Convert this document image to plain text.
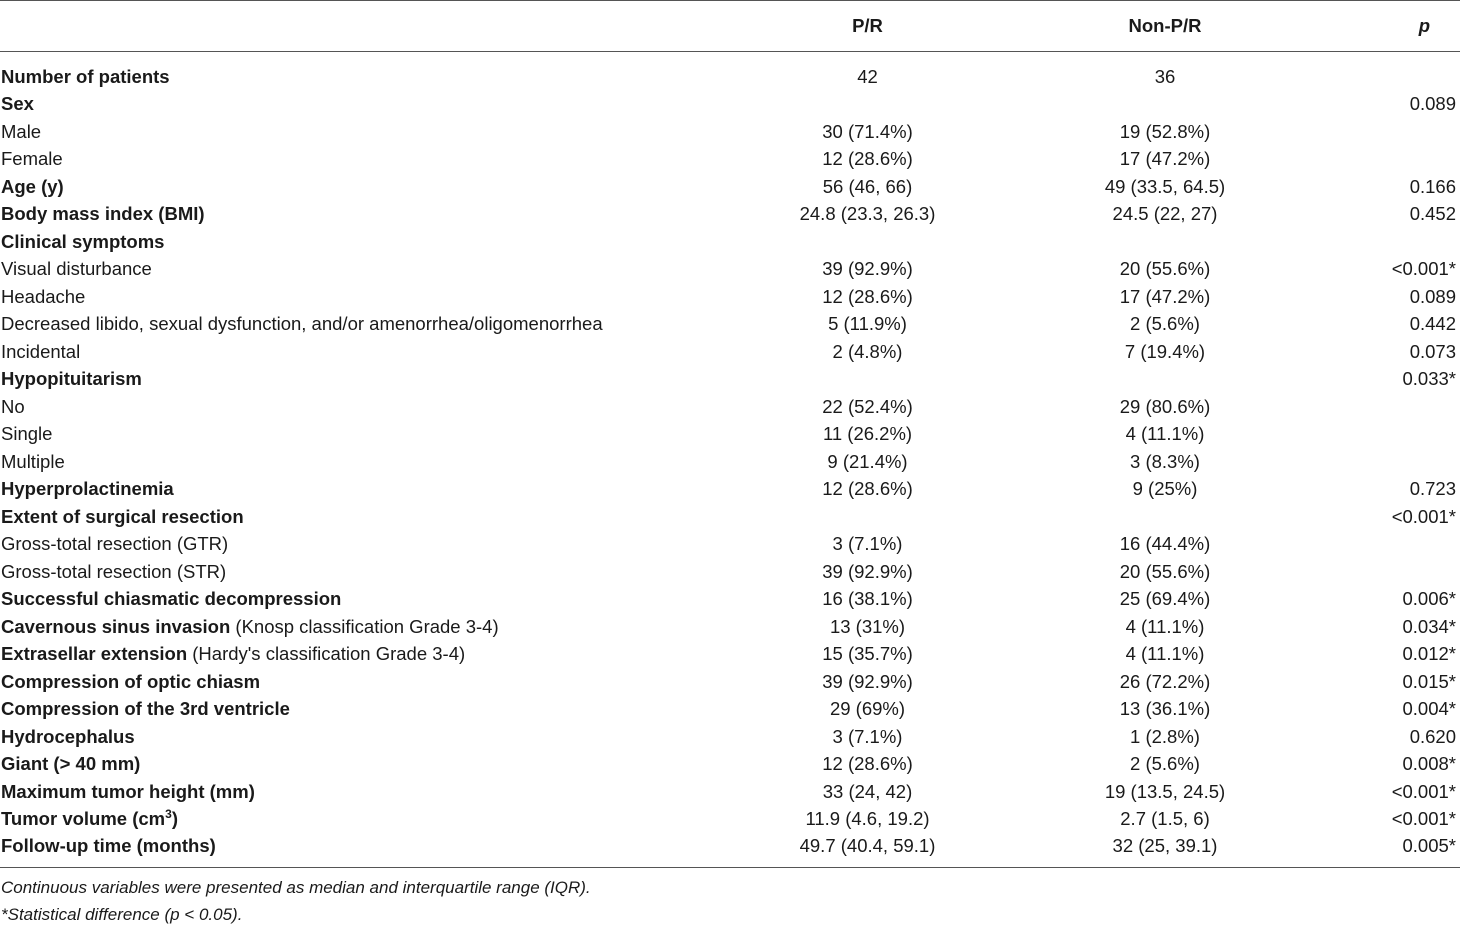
	P/R	Non-P/R	p
Number of patients	42	36	
Sex			0.089
Male	30 (71.4%)	19 (52.8%)	
Female	12 (28.6%)	17 (47.2%)	
Age (y)	56 (46, 66)	49 (33.5, 64.5)	0.166
Body mass index (BMI)	24.8 (23.3, 26.3)	24.5 (22, 27)	0.452
Clinical symptoms			
Visual disturbance	39 (92.9%)	20 (55.6%)	<0.001*
Headache	12 (28.6%)	17 (47.2%)	0.089
Decreased libido, sexual dysfunction, and/or amenorrhea/oligomenorrhea	5 (11.9%)	2 (5.6%)	0.442
Incidental	2 (4.8%)	7 (19.4%)	0.073
Hypopituitarism			0.033*
No	22 (52.4%)	29 (80.6%)	
Single	11 (26.2%)	4 (11.1%)	
Multiple	9 (21.4%)	3 (8.3%)	
Hyperprolactinemia	12 (28.6%)	9 (25%)	0.723
Extent of surgical resection			<0.001*
Gross-total resection (GTR)	3 (7.1%)	16 (44.4%)	
Gross-total resection (STR)	39 (92.9%)	20 (55.6%)	
Successful chiasmatic decompression	16 (38.1%)	25 (69.4%)	0.006*
Cavernous sinus invasion (Knosp classification Grade 3-4)	13 (31%)	4 (11.1%)	0.034*
Extrasellar extension (Hardy's classification Grade 3-4)	15 (35.7%)	4 (11.1%)	0.012*
Compression of optic chiasm	39 (92.9%)	26 (72.2%)	0.015*
Compression of the 3rd ventricle	29 (69%)	13 (36.1%)	0.004*
Hydrocephalus	3 (7.1%)	1 (2.8%)	0.620
Giant (> 40 mm)	12 (28.6%)	2 (5.6%)	0.008*
Maximum tumor height (mm)	33 (24, 42)	19 (13.5, 24.5)	<0.001*
Tumor volume $(cm^3)$	11.9 (4.6, 19.2)	2.7 (1.5, 6)	<0.001*
Follow-up time (months)	49.7 (40.4, 59.1)	32 (25, 39.1)	0.005*
Continuous variables were presented as median and interquartile range (IQR).
*Statistical difference (p < 0.05).
